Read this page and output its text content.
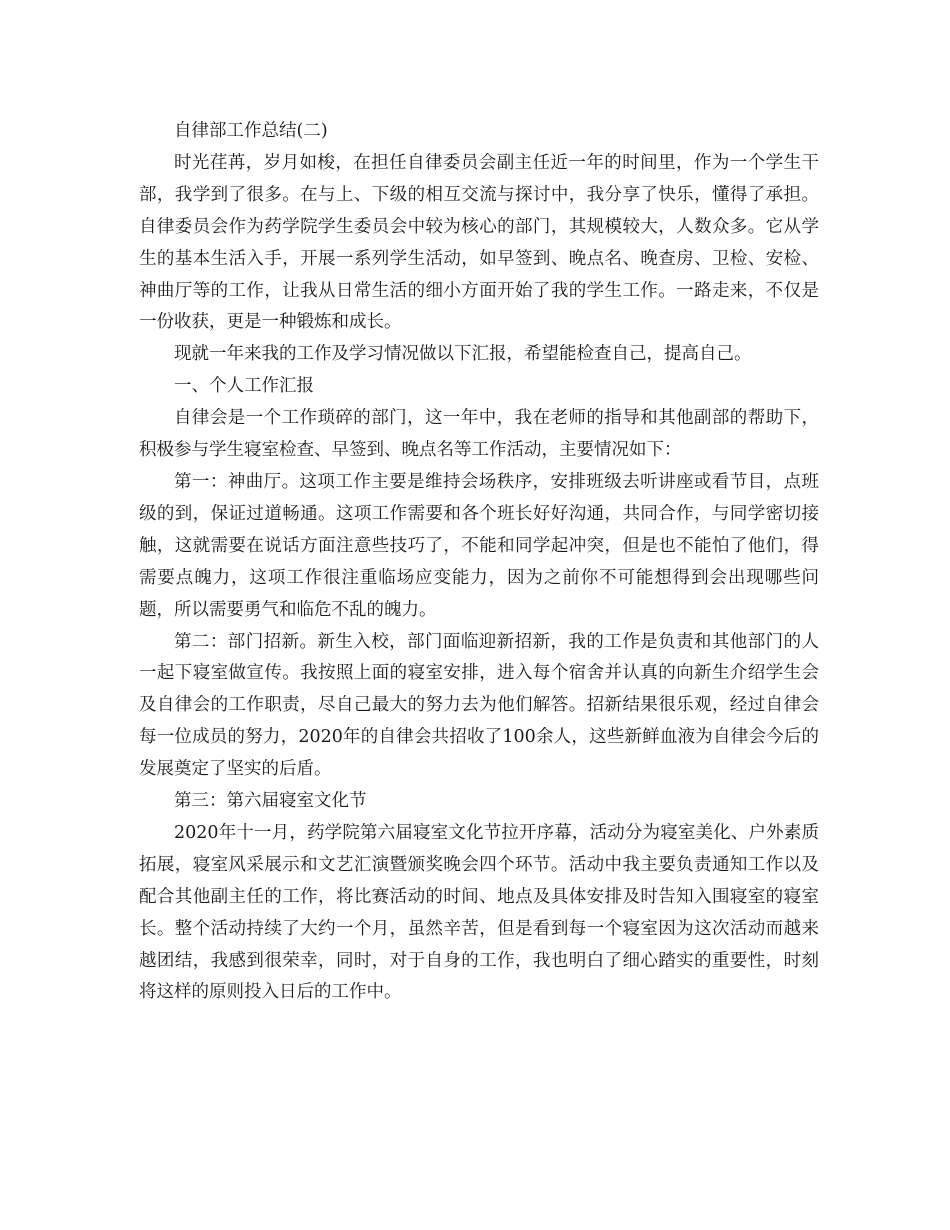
自律部工作总结(二)

时光荏苒，岁月如梭，在担任自律委员会副主任近一年的时间里，作为一个学生干部，我学到了很多。在与上、下级的相互交流与探讨中，我分享了快乐，懂得了承担。自律委员会作为药学院学生委员会中较为核心的部门，其规模较大，人数众多。它从学生的基本生活入手，开展一系列学生活动，如早签到、晚点名、晚查房、卫检、安检、神曲厅等的工作，让我从日常生活的细小方面开始了我的学生工作。一路走来，不仅是一份收获，更是一种锻炼和成长。

现就一年来我的工作及学习情况做以下汇报，希望能检查自己，提高自己。

一、个人工作汇报

自律会是一个工作琐碎的部门，这一年中，我在老师的指导和其他副部的帮助下，积极参与学生寝室检查、早签到、晚点名等工作活动，主要情况如下：

第一：神曲厅。这项工作主要是维持会场秩序，安排班级去听讲座或看节目，点班级的到，保证过道畅通。这项工作需要和各个班长好好沟通，共同合作，与同学密切接触，这就需要在说话方面注意些技巧了，不能和同学起冲突，但是也不能怕了他们，得需要点魄力，这项工作很注重临场应变能力，因为之前你不可能想得到会出现哪些问题，所以需要勇气和临危不乱的魄力。

第二：部门招新。新生入校，部门面临迎新招新，我的工作是负责和其他部门的人一起下寝室做宣传。我按照上面的寝室安排，进入每个宿舍并认真的向新生介绍学生会及自律会的工作职责，尽自己最大的努力去为他们解答。招新结果很乐观，经过自律会每一位成员的努力，2020年的自律会共招收了100余人，这些新鲜血液为自律会今后的发展奠定了坚实的后盾。

第三：第六届寝室文化节

2020年十一月，药学院第六届寝室文化节拉开序幕，活动分为寝室美化、户外素质拓展，寝室风采展示和文艺汇演暨颁奖晚会四个环节。活动中我主要负责通知工作以及配合其他副主任的工作，将比赛活动的时间、地点及具体安排及时告知入围寝室的寝室长。整个活动持续了大约一个月，虽然辛苦，但是看到每一个寝室因为这次活动而越来越团结，我感到很荣幸，同时，对于自身的工作，我也明白了细心踏实的重要性，时刻将这样的原则投入日后的工作中。
